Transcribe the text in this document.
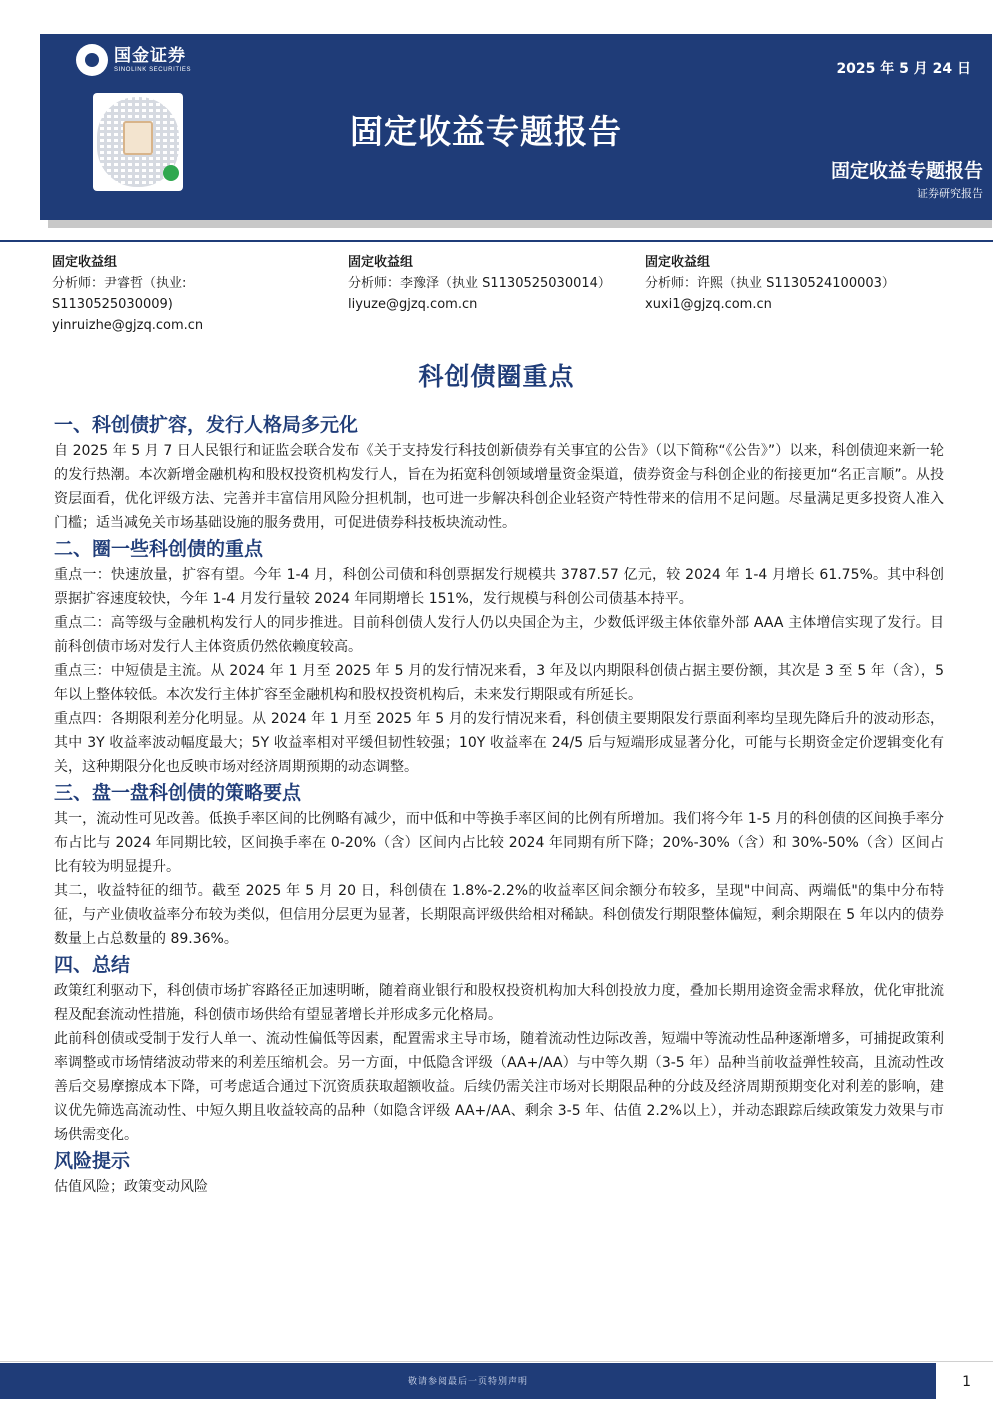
国金证券
SINOLINK SECURITIES	2025 年 5 月 24 日
固定收益专题报告
固定收益专题报告
证券研究报告
固定收益组
分析师：尹睿哲（执业:
S1130525030009)
yinruizhe@gjzq.com.cn
固定收益组
分析师：李豫泽（执业 S1130525030014）
liyuze@gjzq.com.cn
固定收益组
分析师：许熙（执业 S1130524100003）
xuxi1@gjzq.com.cn
科创债圈重点
一、科创债扩容，发行人格局多元化

自 2025 年 5 月 7 日人民银行和证监会联合发布《关于支持发行科技创新债券有关事宜的公告》（以下简称“《公告》”）以来，科创债迎来新一轮的发行热潮。本次新增金融机构和股权投资机构发行人，旨在为拓宽科创领域增量资金渠道，债券资金与科创企业的衔接更加“名正言顺”。从投资层面看，优化评级方法、完善并丰富信用风险分担机制，也可进一步解决科创企业轻资产特性带来的信用不足问题。尽量满足更多投资人准入门槛；适当减免关市场基础设施的服务费用，可促进债券科技板块流动性。

二、圈一些科创债的重点

重点一：快速放量，扩容有望。今年 1-4 月，科创公司债和科创票据发行规模共 3787.57 亿元，较 2024 年 1-4 月增长 61.75%。其中科创票据扩容速度较快，今年 1-4 月发行量较 2024 年同期增长 151%，发行规模与科创公司债基本持平。

重点二：高等级与金融机构发行人的同步推进。目前科创债人发行人仍以央国企为主，少数低评级主体依靠外部 AAA 主体增信实现了发行。目前科创债市场对发行人主体资质仍然依赖度较高。

重点三：中短债是主流。从 2024 年 1 月至 2025 年 5 月的发行情况来看，3 年及以内期限科创债占据主要份额，其次是 3 至 5 年（含），5 年以上整体较低。本次发行主体扩容至金融机构和股权投资机构后，未来发行期限或有所延长。

重点四：各期限利差分化明显。从 2024 年 1 月至 2025 年 5 月的发行情况来看，科创债主要期限发行票面利率均呈现先降后升的波动形态，其中 3Y 收益率波动幅度最大；5Y 收益率相对平缓但韧性较强；10Y 收益率在 24/5 后与短端形成显著分化，可能与长期资金定价逻辑变化有关，这种期限分化也反映市场对经济周期预期的动态调整。

三、盘一盘科创债的策略要点

其一，流动性可见改善。低换手率区间的比例略有减少，而中低和中等换手率区间的比例有所增加。我们将今年 1-5 月的科创债的区间换手率分布占比与 2024 年同期比较，区间换手率在 0-20%（含）区间内占比较 2024 年同期有所下降；20%-30%（含）和 30%-50%（含）区间占比有较为明显提升。

其二，收益特征的细节。截至 2025 年 5 月 20 日，科创债在 1.8%-2.2%的收益率区间余额分布较多，呈现"中间高、两端低"的集中分布特征，与产业债收益率分布较为类似，但信用分层更为显著，长期限高评级供给相对稀缺。科创债发行期限整体偏短，剩余期限在 5 年以内的债券数量上占总数量的 89.36%。

四、总结

政策红利驱动下，科创债市场扩容路径正加速明晰，随着商业银行和股权投资机构加大科创投放力度，叠加长期用途资金需求释放，优化审批流程及配套流动性措施，科创债市场供给有望显著增长并形成多元化格局。

此前科创债或受制于发行人单一、流动性偏低等因素，配置需求主导市场，随着流动性边际改善，短端中等流动性品种逐渐增多，可捕捉政策利率调整或市场情绪波动带来的利差压缩机会。另一方面，中低隐含评级（AA+/AA）与中等久期（3-5 年）品种当前收益弹性较高，且流动性改善后交易摩擦成本下降，可考虑适合通过下沉资质获取超额收益。后续仍需关注市场对长期限品种的分歧及经济周期预期变化对利差的影响，建议优先筛选高流动性、中短久期且收益较高的品种（如隐含评级 AA+/AA、剩余 3-5 年、估值 2.2%以上），并动态跟踪后续政策发力效果与市场供需变化。

风险提示

估值风险；政策变动风险

敬请参阅最后一页特别声明	1
